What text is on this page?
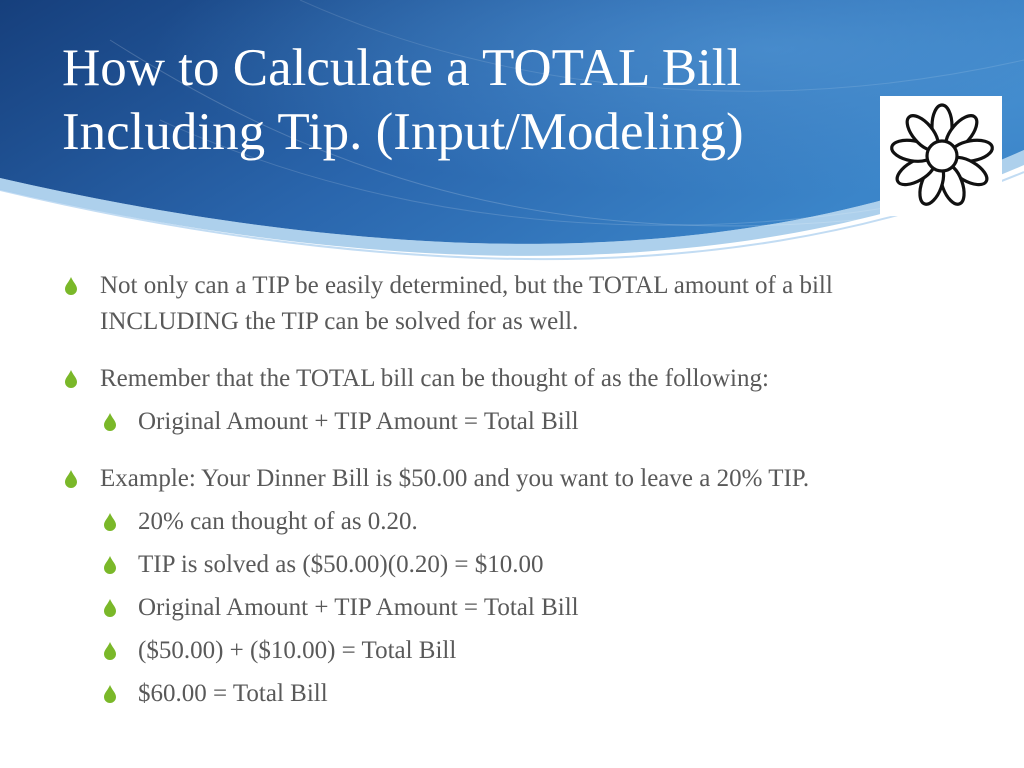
How to Calculate a TOTAL Bill
Including Tip. (Input/Modeling)
Not only can a TIP be easily determined, but the TOTAL amount of a bill INCLUDING the TIP can be solved for as well.
Remember that the TOTAL bill can be thought of as the following:
Original Amount + TIP Amount = Total Bill
Example: Your Dinner Bill is $50.00 and you want to leave a 20% TIP.
20% can thought of as 0.20.
TIP is solved as ($50.00)(0.20) = $10.00
Original Amount + TIP Amount = Total Bill
($50.00) + ($10.00) = Total Bill
$60.00 = Total Bill
